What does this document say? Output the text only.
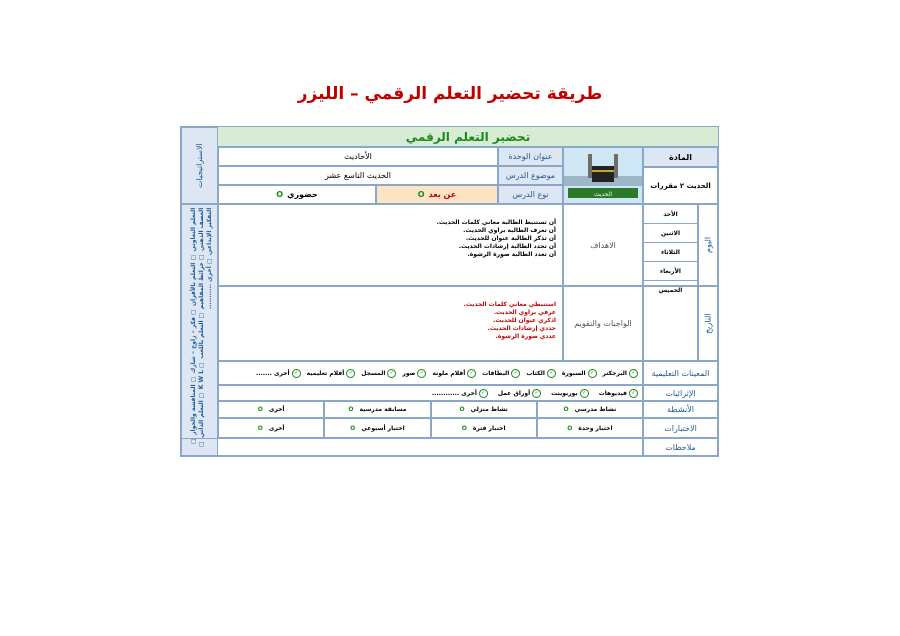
طريقة تحضير التعلم الرقمي – الليزر
الاستراتيجيات
التعلم التعاوني ☐ التعلم بالأقران ☐ فكر – زاوج – شارك ☐ المناقشة والحوار ☐ العصف الذهني ☐ خرائط المفاهيم ☐ التعلم باللعب ☐ K W L ☐ التعلم الذاتي ☐ التفكير الإبداعي ☐ أخرى ...........
تحضير التعلم الرقمي
المادة
الحديث ٢ مقررات
الحديث
عنوان الوحدة
موضوع الدرس
نوع الدرس
الأحاديث
الحديث التاسع عشر
عن بعد
O
حضوري
O
اليوم
الأحد
الاثنين
الثلاثاء
الأربعاء
الخميس
التاريخ
الاهداف
أن تستنبط الطالبة معاني كلمات الحديث.
أن تعرف الطالبة براوي الحديث.
أن تذكر الطالبة عنوان للحديث.
أن تحدد الطالبة إرشادات الحديث.
أن تعدد الطالبة صورة الرشوة.
الواجبات والتقويم
استنبطي معاني كلمات الحديث.
عرفي براوي الحديث.
اذكري عنوان للحديث.
حددي إرشادات الحديث.
عددي صورة الرشوة.
المعينات التعليمية
✓البرجكتر
✓السبورة
✓الكتاب
✓البطاقات
✓أقلام ملونة
✓صور
✓المسجل
✓أفلام تعليمية
✓أخرى .......
الإثرائيات
✓فيديوهات
✓بوربوينت
✓أوراق عمل
✓أخرى ............
الأنشطة
نشاط مدرسي
O
نشاط منزلي
O
مسابقة مدرسية
O
أخرى
O
الاختبارات
اختبار وحدة
O
اختبار فترة
O
اختبار أسبوعي
O
أخرى
O
ملاحظات
